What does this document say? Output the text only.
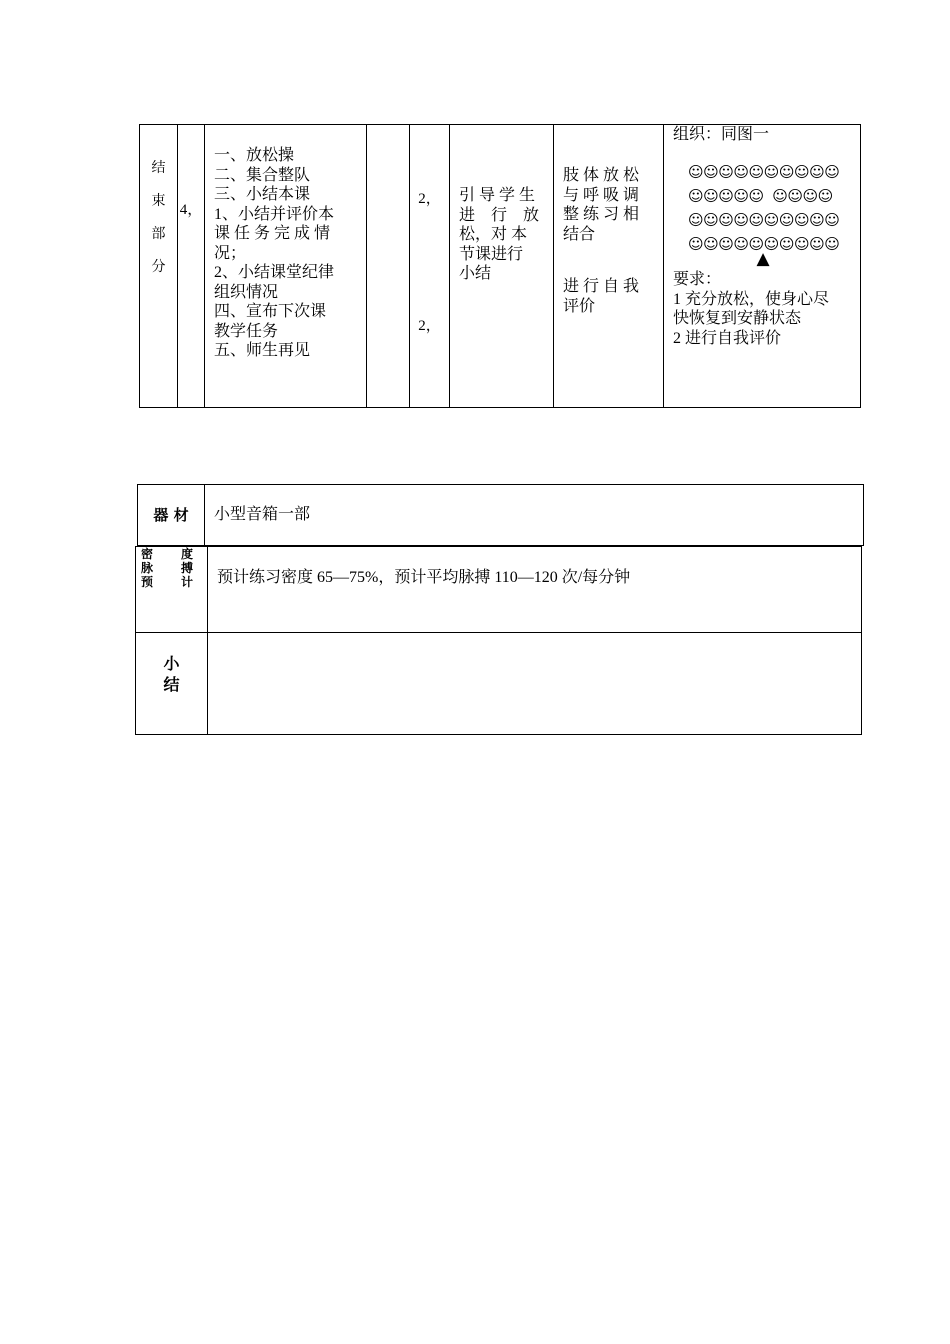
结
束
部
分
4，
一、放松操
二、集合整队
三、小结本课
1、小结并评价本
课 任 务 完 成 情
况；
2、小结课堂纪律
组织情况
四、宣布下次课
教学任务
五、师生再见
2，
2，
引 导 学 生
进　行　放
松，对 本
节课进行
小结
肢 体 放 松
与 呼 吸 调
整 练 习 相
结合
进 行 自 我
评价
组织：同图一
☺☺☺☺☺☺☺☺☺☺
☺☺☺☺☺  ☺☺☺☺
☺☺☺☺☺☺☺☺☺☺
☺☺☺☺☺☺☺☺☺☺
▲
要求：
1 充分放松，使身心尽
快恢复到安静状态
2 进行自我评价
器 材	小型音箱一部
密 度
脉 搏
预 计 预计练习密度 65—75%，预计平均脉搏 110—120 次/每分钟
小
结
